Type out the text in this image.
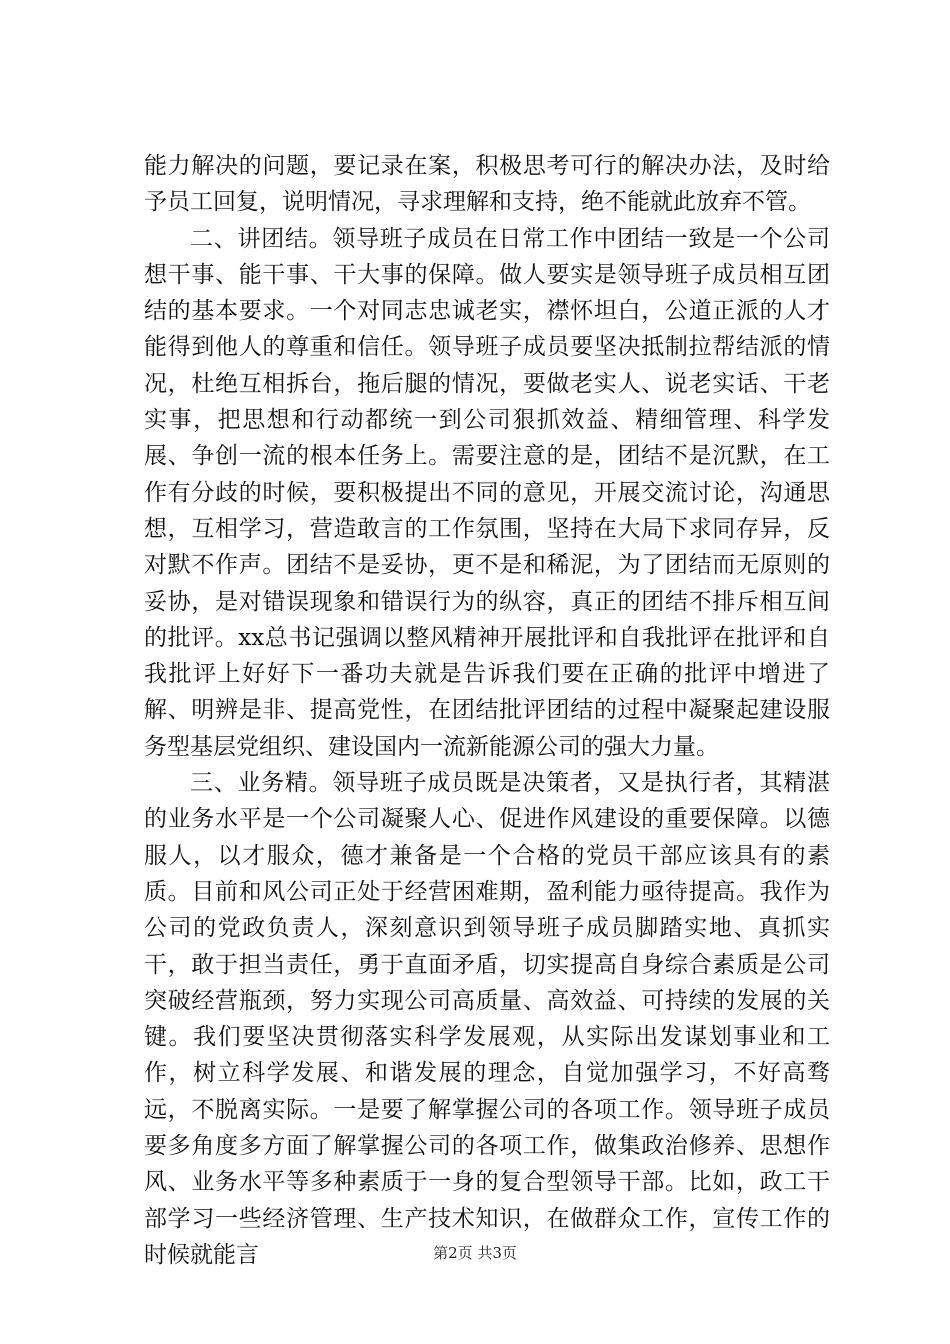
能力解决的问题，要记录在案，积极思考可行的解决办法，及时给予员工回复，说明情况，寻求理解和支持，绝不能就此放弃不管。

二、讲团结。领导班子成员在日常工作中团结一致是一个公司想干事、能干事、干大事的保障。做人要实是领导班子成员相互团结的基本要求。一个对同志忠诚老实，襟怀坦白，公道正派的人才能得到他人的尊重和信任。领导班子成员要坚决抵制拉帮结派的情况，杜绝互相拆台，拖后腿的情况，要做老实人、说老实话、干老实事，把思想和行动都统一到公司狠抓效益、精细管理、科学发展、争创一流的根本任务上。需要注意的是，团结不是沉默，在工作有分歧的时候，要积极提出不同的意见，开展交流讨论，沟通思想，互相学习，营造敢言的工作氛围，坚持在大局下求同存异，反对默不作声。团结不是妥协，更不是和稀泥，为了团结而无原则的妥协，是对错误现象和错误行为的纵容，真正的团结不排斥相互间的批评。xx总书记强调以整风精神开展批评和自我批评在批评和自我批评上好好下一番功夫就是告诉我们要在正确的批评中增进了解、明辨是非、提高党性，在团结批评团结的过程中凝聚起建设服务型基层党组织、建设国内一流新能源公司的强大力量。

三、业务精。领导班子成员既是决策者，又是执行者，其精湛的业务水平是一个公司凝聚人心、促进作风建设的重要保障。以德服人，以才服众，德才兼备是一个合格的党员干部应该具有的素质。目前和风公司正处于经营困难期，盈利能力亟待提高。我作为公司的党政负责人，深刻意识到领导班子成员脚踏实地、真抓实干，敢于担当责任，勇于直面矛盾，切实提高自身综合素质是公司突破经营瓶颈，努力实现公司高质量、高效益、可持续的发展的关键。我们要坚决贯彻落实科学发展观，从实际出发谋划事业和工作，树立科学发展、和谐发展的理念，自觉加强学习，不好高骛远，不脱离实际。一是要了解掌握公司的各项工作。领导班子成员要多角度多方面了解掌握公司的各项工作，做集政治修养、思想作风、业务水平等多种素质于一身的复合型领导干部。比如，政工干部学习一些经济管理、生产技术知识，在做群众工作，宣传工作的时候就能言	第2页 共3页
